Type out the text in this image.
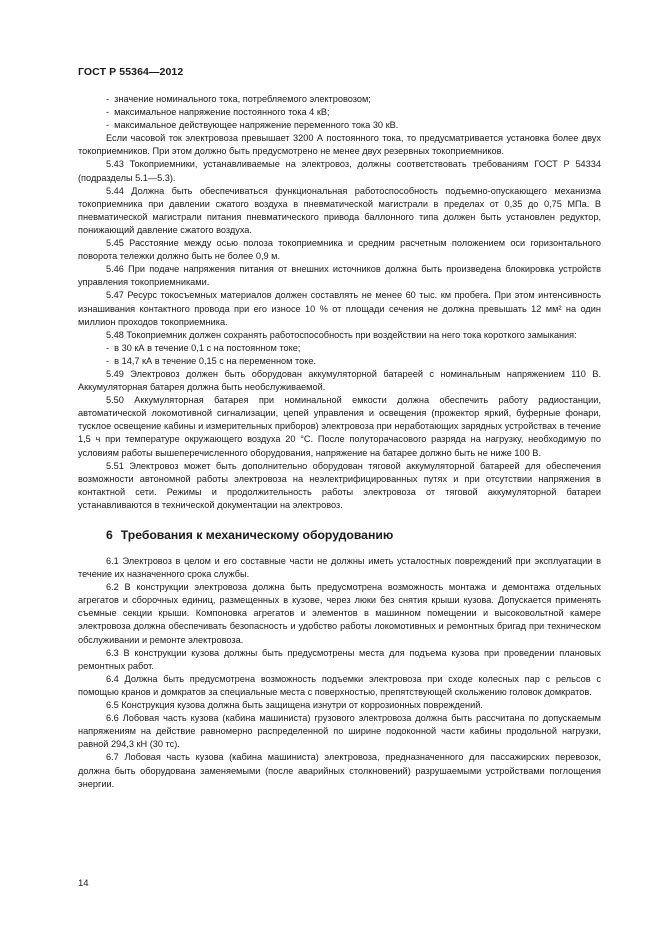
ГОСТ Р 55364—2012

-  значение номинального тока, потребляемого электровозом;

-  максимальное напряжение постоянного тока 4 кВ;

-  максимальное действующее напряжение переменного тока 30 кВ.

Если часовой ток электровоза превышает 3200 А постоянного тока, то предусматривается установка более двух токоприемников. При этом должно быть предусмотрено не менее двух резервных токоприемников.

5.43 Токоприемники, устанавливаемые на электровоз, должны соответствовать требованиям ГОСТ Р 54334 (подразделы 5.1—5.3).

5.44 Должна быть обеспечиваться функциональная работоспособность подъемно-опускающего механизма токоприемника при давлении сжатого воздуха в пневматической магистрали в пределах от 0,35 до 0,75 МПа. В пневматической магистрали питания пневматического привода баллонного типа должен быть установлен редуктор, понижающий давление сжатого воздуха.

5.45 Расстояние между осью полоза токоприемника и средним расчетным положением оси горизонтального поворота тележки должно быть не более 0,9 м.

5.46 При подаче напряжения питания от внешних источников должна быть произведена блокировка устройств управления токоприемниками.

5.47 Ресурс токосъемных материалов должен составлять не менее 60 тыс. км пробега. При этом интенсивность изнашивания контактного провода при его износе 10 % от площади сечения не должна превышать 12 мм² на один миллион проходов токоприемника.

5.48 Токоприемник должен сохранять работоспособность при воздействии на него тока короткого замыкания:

-  в 30 кА в течение 0,1 с на постоянном токе;

-  в 14,7 кА в течение 0,15 с на переменном токе.

5.49 Электровоз должен быть оборудован аккумуляторной батареей с номинальным напряжением 110 В. Аккумуляторная батарея должна быть необслуживаемой.

5.50 Аккумуляторная батарея при номинальной емкости должна обеспечить работу радиостанции, автоматической локомотивной сигнализации, цепей управления и освещения (прожектор яркий, буферные фонари, тусклое освещение кабины и измерительных приборов) электровоза при неработающих зарядных устройствах в течение 1,5 ч при температуре окружающего воздуха 20 °С. После полуторачасового разряда на нагрузку, необходимую по условиям работы вышеперечисленного оборудования, напряжение на батарее должно быть не ниже 100 В.

5.51 Электровоз может быть дополнительно оборудован тяговой аккумуляторной батареей для обеспечения возможности автономной работы электровоза на неэлектрифицированных путях и при отсутствии напряжения в контактной сети. Режимы и продолжительность работы электровоза от тяговой аккумуляторной батареи устанавливаются в технической документации на электровоз.

6 Требования к механическому оборудованию

6.1 Электровоз в целом и его составные части не должны иметь усталостных повреждений при эксплуатации в течение их назначенного срока службы.

6.2 В конструкции электровоза должна быть предусмотрена возможность монтажа и демонтажа отдельных агрегатов и сборочных единиц, размещенных в кузове, через люки без снятия крыши кузова. Допускается применять съемные секции крыши. Компоновка агрегатов и элементов в машинном помещении и высоковольтной камере электровоза должна обеспечивать безопасность и удобство работы локомотивных и ремонтных бригад при техническом обслуживании и ремонте электровоза.

6.3 В конструкции кузова должны быть предусмотрены места для подъема кузова при проведении плановых ремонтных работ.

6.4 Должна быть предусмотрена возможность подъемки электровоза при сходе колесных пар с рельсов с помощью кранов и домкратов за специальные места с поверхностью, препятствующей скольжению головок домкратов.

6.5 Конструкция кузова должна быть защищена изнутри от коррозионных повреждений.

6.6 Лобовая часть кузова (кабина машиниста) грузового электровоза должна быть рассчитана по допускаемым напряжениям на действие равномерно распределенной по ширине подоконной части кабины продольной нагрузки, равной 294,3 кН (30 тс).

6.7 Лобовая часть кузова (кабина машиниста) электровоза, предназначенного для пассажирских перевозок, должна быть оборудована заменяемыми (после аварийных столкновений) разрушаемыми устройствами поглощения энергии.

14
